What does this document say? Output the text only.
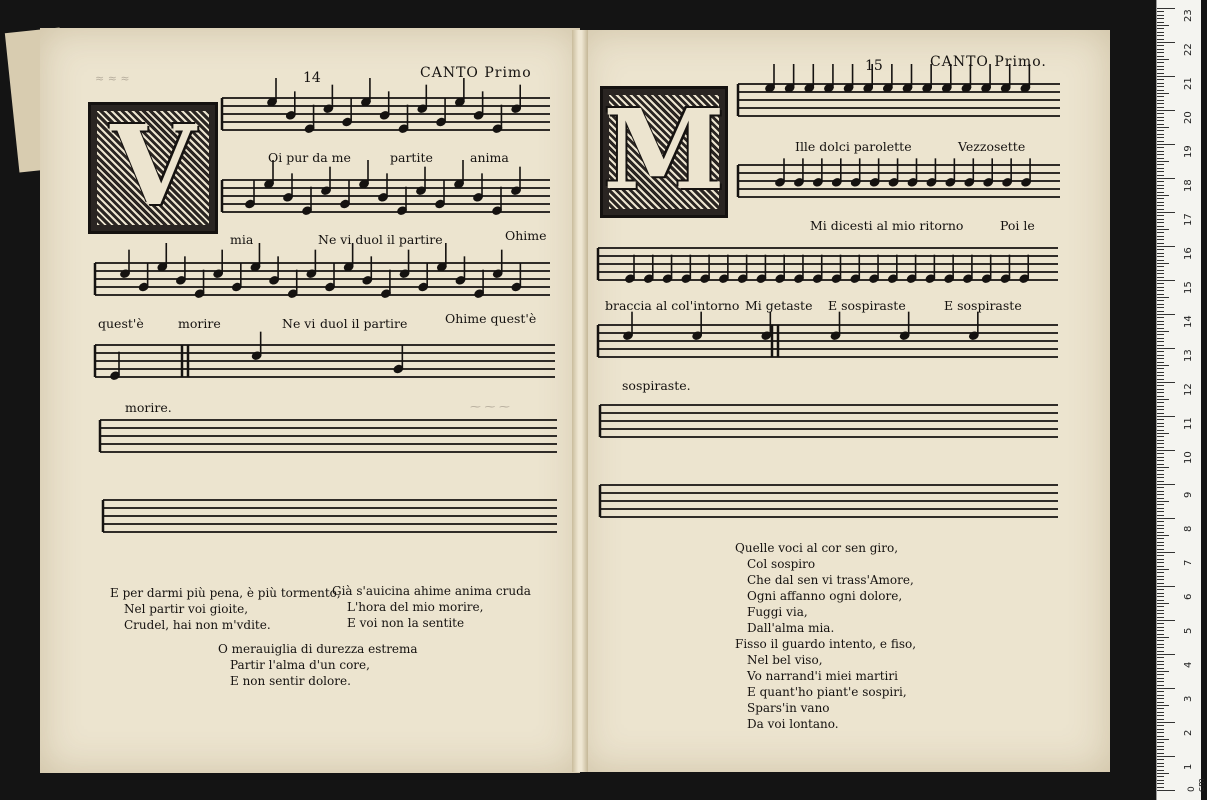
≈ ≈ ≈
⁓ ⁓ ⁓
14	CANTO Primo
V	M
15	CANTO Primo.
Oi pur da me	partite	anima
mia	Ne vi duol il partire	Ohime
quest'è	morire	Ne vi duol il partire	Ohime quest'è
morire.
Ille dolci parolette	Vezzosette
Mi dicesti al mio ritorno	Poi le
braccia al col'intorno Mi getaste E sospiraste	E sospiraste
sospiraste.
E per darmi più pena, è più tormento,
Nel partir voi gioite,
Crudel, hai non m'vdite.
Già s'auicina ahime anima cruda
L'hora del mio morire,
E voi non la sentite
O merauiglia di durezza estrema
Partir l'alma d'un core,
E non sentir dolore.
Quelle voci al cor sen giro,
Col sospiro
Che dal sen vi trass'Amore,
Ogni affanno ogni dolore,
Fuggi via,
Dall'alma mia.
Fisso il guardo intento, e fiso,
Nel bel viso,
Vo narrand'i miei martiri
E quant'ho piant'e sospiri,
Spars'in vano
Da voi lontano.
0 cm
1
2
3
4
5
6
7
8
9
10
11
12
13
14
15
16
17
18
19
20
21
22
23
